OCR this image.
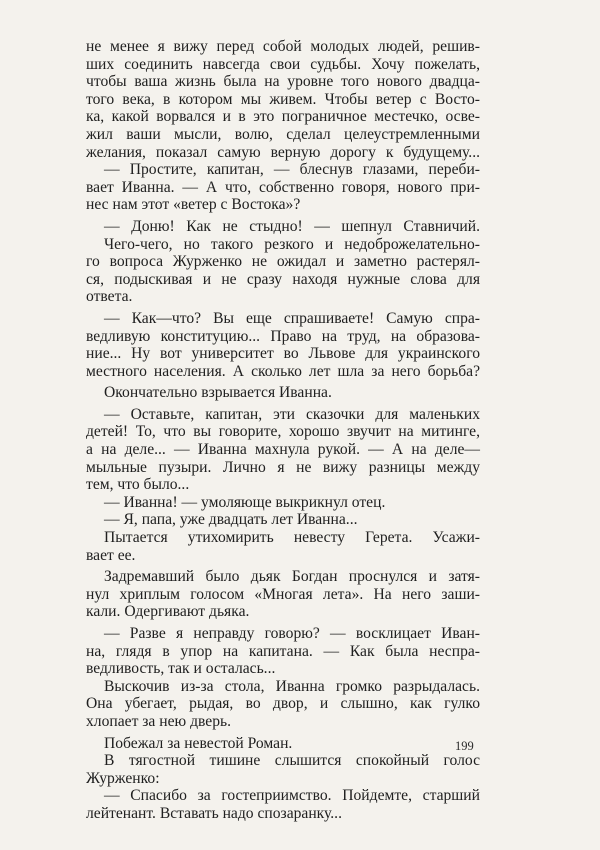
не менее я вижу перед собой молодых людей, решив-
ших соединить навсегда свои судьбы. Хочу пожелать,
чтобы ваша жизнь была на уровне того нового двадца-
того века, в котором мы живем. Чтобы ветер с Восто-
ка, какой ворвался и в это пограничное местечко, осве-
жил ваши мысли, волю, сделал целеустремленными
желания, показал самую верную дорогу к будущему...
— Простите, капитан, — блеснув глазами, переби-
вает Иванна. — А что, собственно говоря, нового при-
нес нам этот «ветер с Востока»?
— Доню! Как не стыдно! — шепнул Ставничий.
Чего-чего, но такого резкого и недоброжелательно-
го вопроса Журженко не ожидал и заметно растерял-
ся, подыскивая и не сразу находя нужные слова для
ответа.
— Как—что? Вы еще спрашиваете! Самую спра-
ведливую конституцию... Право на труд, на образова-
ние... Ну вот университет во Львове для украинского
местного населения. А сколько лет шла за него борьба?
Окончательно взрывается Иванна.
— Оставьте, капитан, эти сказочки для маленьких
детей! То, что вы говорите, хорошо звучит на митинге,
а на деле... — Иванна махнула рукой. — А на деле—
мыльные пузыри. Лично я не вижу разницы между
тем, что было...
— Иванна! — умоляюще выкрикнул отец.
— Я, папа, уже двадцать лет Иванна...
Пытается утихомирить невесту Герета. Усажи-
вает ее.
Задремавший было дьяк Богдан проснулся и затя-
нул хриплым голосом «Многая лета». На него заши-
кали. Одергивают дьяка.
— Разве я неправду говорю? — восклицает Иван-
на, глядя в упор на капитана. — Как была неспра-
ведливость, так и осталась...
Выскочив из-за стола, Иванна громко разрыдалась.
Она убегает, рыдая, во двор, и слышно, как гулко
хлопает за нею дверь.
Побежал за невестой Роман.
В тягостной тишине слышится спокойный голос
Журженко:
— Спасибо за гостеприимство. Пойдемте, старший
лейтенант. Вставать надо спозаранку...
199
